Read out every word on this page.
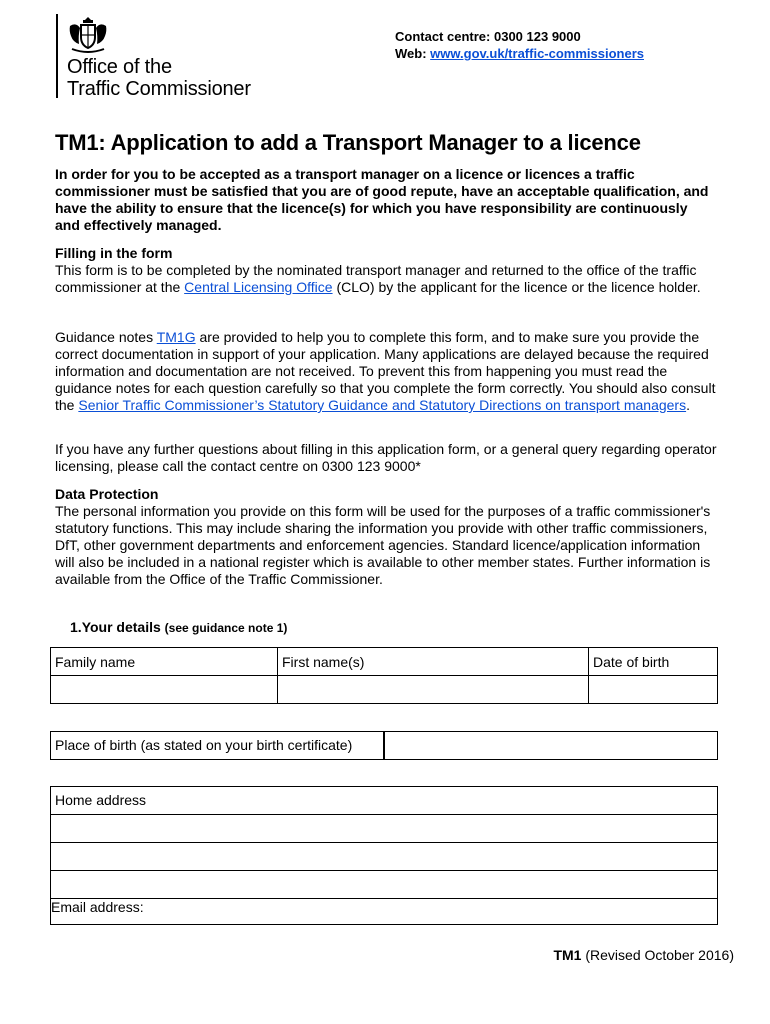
Office of the
Traffic Commissioner
Contact centre: 0300 123 9000
Web: www.gov.uk/traffic-commissioners
TM1: Application to add a Transport Manager to a licence
In order for you to be accepted as a transport manager on a licence or licences a traffic commissioner must be satisfied that you are of good repute, have an acceptable qualification, and have the ability to ensure that the licence(s) for which you have responsibility are continuously and effectively managed.
Filling in the form
This form is to be completed by the nominated transport manager and returned to the office of the traffic commissioner at the Central Licensing Office (CLO) by the applicant for the licence or the licence holder.
Guidance notes TM1G are provided to help you to complete this form, and to make sure you provide the correct documentation in support of your application. Many applications are delayed because the required information and documentation are not received. To prevent this from happening you must read the guidance notes for each question carefully so that you complete the form correctly. You should also consult the Senior Traffic Commissioner’s Statutory Guidance and Statutory Directions on transport managers.
If you have any further questions about filling in this application form, or a general query regarding operator licensing, please call the contact centre on 0300 123 9000*
Data Protection
The personal information you provide on this form will be used for the purposes of a traffic commissioner's statutory functions. This may include sharing the information you provide with other traffic commissioners, DfT, other government departments and enforcement agencies. Standard licence/application information will also be included in a national register which is available to other member states. Further information is available from the Office of the Traffic Commissioner.
1.Your details (see guidance note 1)
Family name	First name(s)	Date of birth

Place of birth (as stated on your birth certificate)	
Home address

Email address:
TM1 (Revised October 2016)
